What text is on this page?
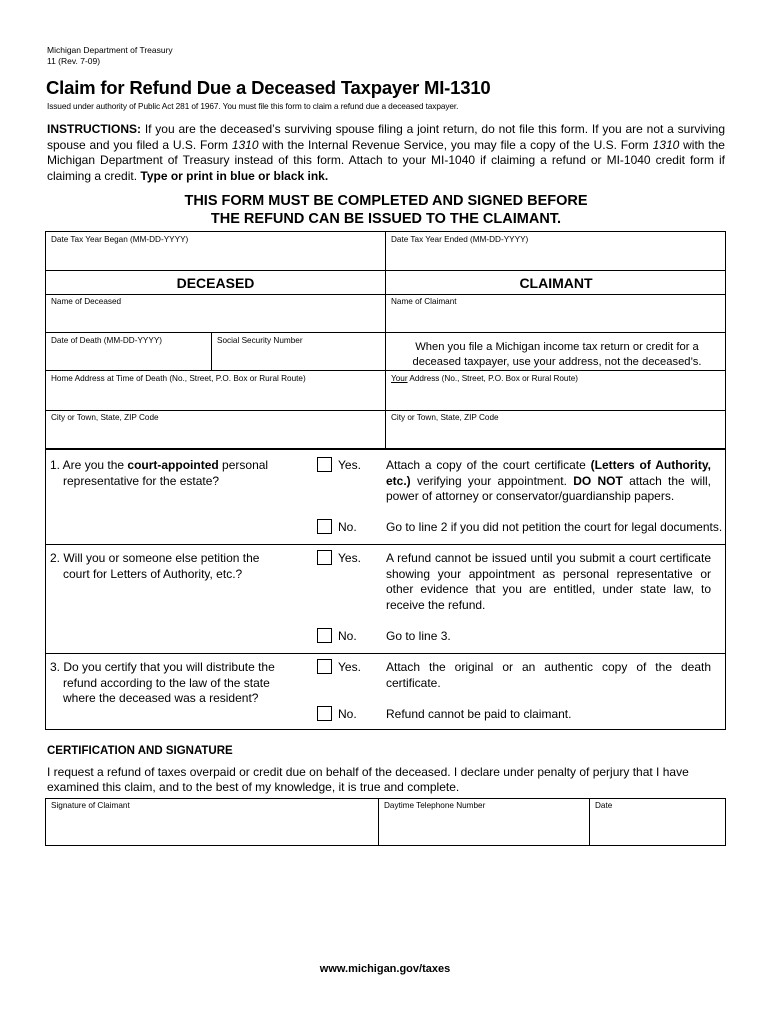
Michigan Department of Treasury
11 (Rev. 7-09)
Claim for Refund Due a Deceased Taxpayer MI-1310
Issued under authority of Public Act 281 of 1967. You must file this form to claim a refund due a deceased taxpayer.
INSTRUCTIONS: If you are the deceased’s surviving spouse filing a joint return, do not file this form. If you are not a surviving spouse and you filed a U.S. Form 1310 with the Internal Revenue Service, you may file a copy of the U.S. Form 1310 with the Michigan Department of Treasury instead of this form. Attach to your MI-1040 if claiming a refund or MI-1040 credit form if claiming a credit. Type or print in blue or black ink.
THIS FORM MUST BE COMPLETED AND SIGNED BEFORE
THE REFUND CAN BE ISSUED TO THE CLAIMANT.
Date Tax Year Began (MM-DD-YYYY)	Date Tax Year Ended (MM-DD-YYYY)
DECEASED	CLAIMANT
Name of Deceased	Name of Claimant
Date of Death (MM-DD-YYYY)	Social Security Number
When you file a Michigan income tax return or credit for a deceased taxpayer, use your address, not the deceased’s.
Home Address at Time of Death (No., Street, P.O. Box or Rural Route)	Your Address (No., Street, P.O. Box or Rural Route)
City or Town, State, ZIP Code	City or Town, State, ZIP Code
1. Are you the court-appointed personal
representative for the estate?
Yes. Attach a copy of the court certificate (Letters of Authority, etc.) verifying your appointment. DO NOT attach the will, power of attorney or conservator/guardianship papers.
No. Go to line 2 if you did not petition the court for legal documents.
2. Will you or someone else petition the
court for Letters of Authority, etc.?
Yes. A refund cannot be issued until you submit a court certificate showing your appointment as personal representative or other evidence that you are entitled, under state law, to receive the refund.
No. Go to line 3.
3. Do you certify that you will distribute the
refund according to the law of the state
where the deceased was a resident?
Yes. Attach the original or an authentic copy of the death certificate.
No. Refund cannot be paid to claimant.
CERTIFICATION AND SIGNATURE
I request a refund of taxes overpaid or credit due on behalf of the deceased. I declare under penalty of perjury that I have examined this claim, and to the best of my knowledge, it is true and complete.
Signature of Claimant	Daytime Telephone Number	Date
www.michigan.gov/taxes
